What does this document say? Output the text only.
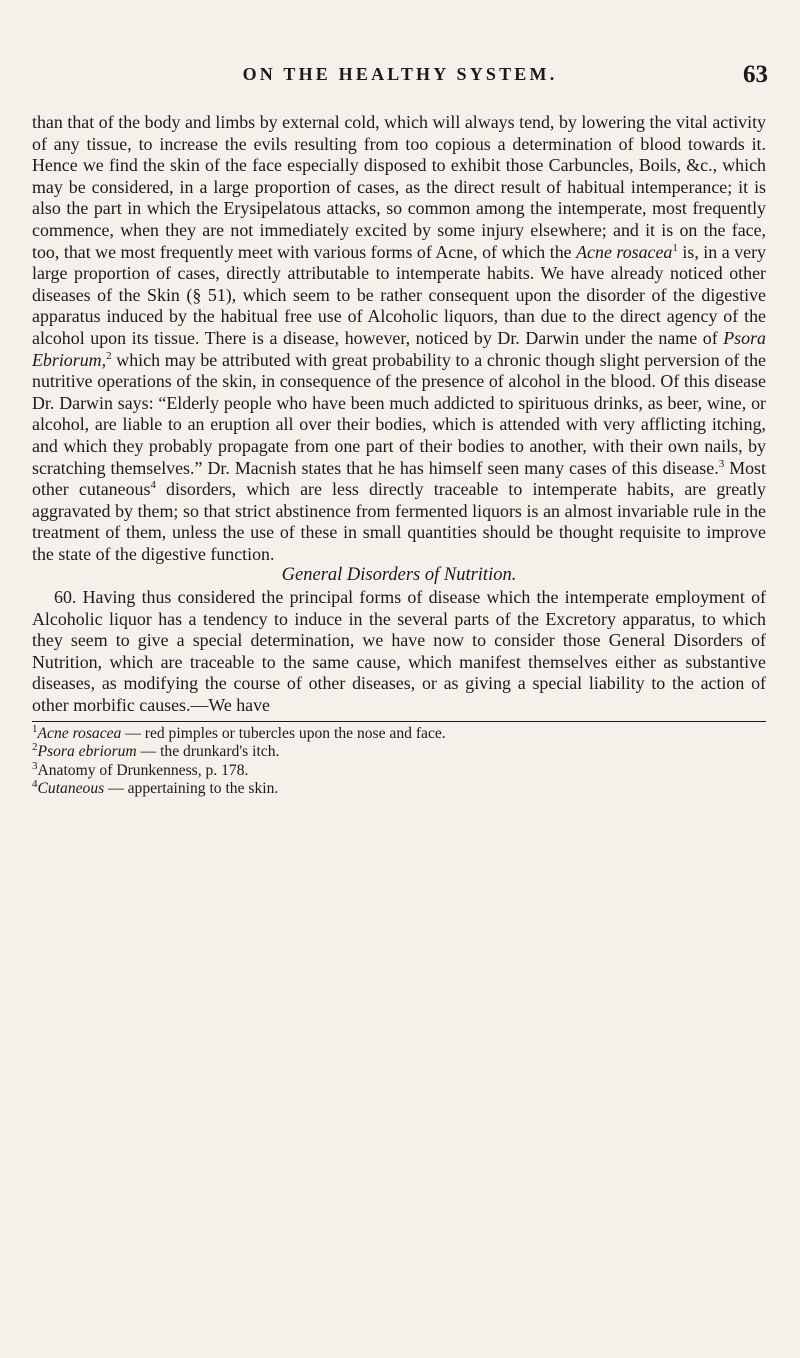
ON THE HEALTHY SYSTEM.	63

than that of the body and limbs by external cold, which will always tend, by lowering the vital activity of any tissue, to increase the evils resulting from too copious a determination of blood towards it. Hence we find the skin of the face especially disposed to exhibit those Carbuncles, Boils, &c., which may be considered, in a large proportion of cases, as the direct result of habitual intemperance; it is also the part in which the Erysipelatous attacks, so common among the intemperate, most frequently commence, when they are not immediately excited by some injury elsewhere; and it is on the face, too, that we most frequently meet with various forms of Acne, of which the Acne rosacea$^1$ is, in a very large proportion of cases, directly attributable to intemperate habits. We have already noticed other diseases of the Skin (§ 51), which seem to be rather consequent upon the disorder of the digestive apparatus induced by the habitual free use of Alcoholic liquors, than due to the direct agency of the alcohol upon its tissue. There is a disease, however, noticed by Dr. Darwin under the name of Psora Ebriorum,$^2$ which may be attributed with great probability to a chronic though slight perversion of the nutritive operations of the skin, in consequence of the presence of alcohol in the blood. Of this disease Dr. Darwin says: “Elderly people who have been much addicted to spirituous drinks, as beer, wine, or alcohol, are liable to an eruption all over their bodies, which is attended with very afflicting itching, and which they probably propagate from one part of their bodies to another, with their own nails, by scratching themselves.” Dr. Macnish states that he has himself seen many cases of this disease.$^3$ Most other cutaneous$^4$ disorders, which are less directly traceable to intemperate habits, are greatly aggravated by them; so that strict abstinence from fermented liquors is an almost invariable rule in the treatment of them, unless the use of these in small quantities should be thought requisite to improve the state of the digestive function.

General Disorders of Nutrition.

60. Having thus considered the principal forms of disease which the intemperate employment of Alcoholic liquor has a tendency to induce in the several parts of the Excretory apparatus, to which they seem to give a special determination, we have now to consider those General Disorders of Nutrition, which are traceable to the same cause, which manifest themselves either as substantive diseases, as modifying the course of other diseases, or as giving a special liability to the action of other morbific causes.—We have

$^1$Acne rosacea — red pimples or tubercles upon the nose and face.

$^2$Psora ebriorum — the drunkard's itch.

$^3$Anatomy of Drunkenness, p. 178.

$^4$Cutaneous — appertaining to the skin.
